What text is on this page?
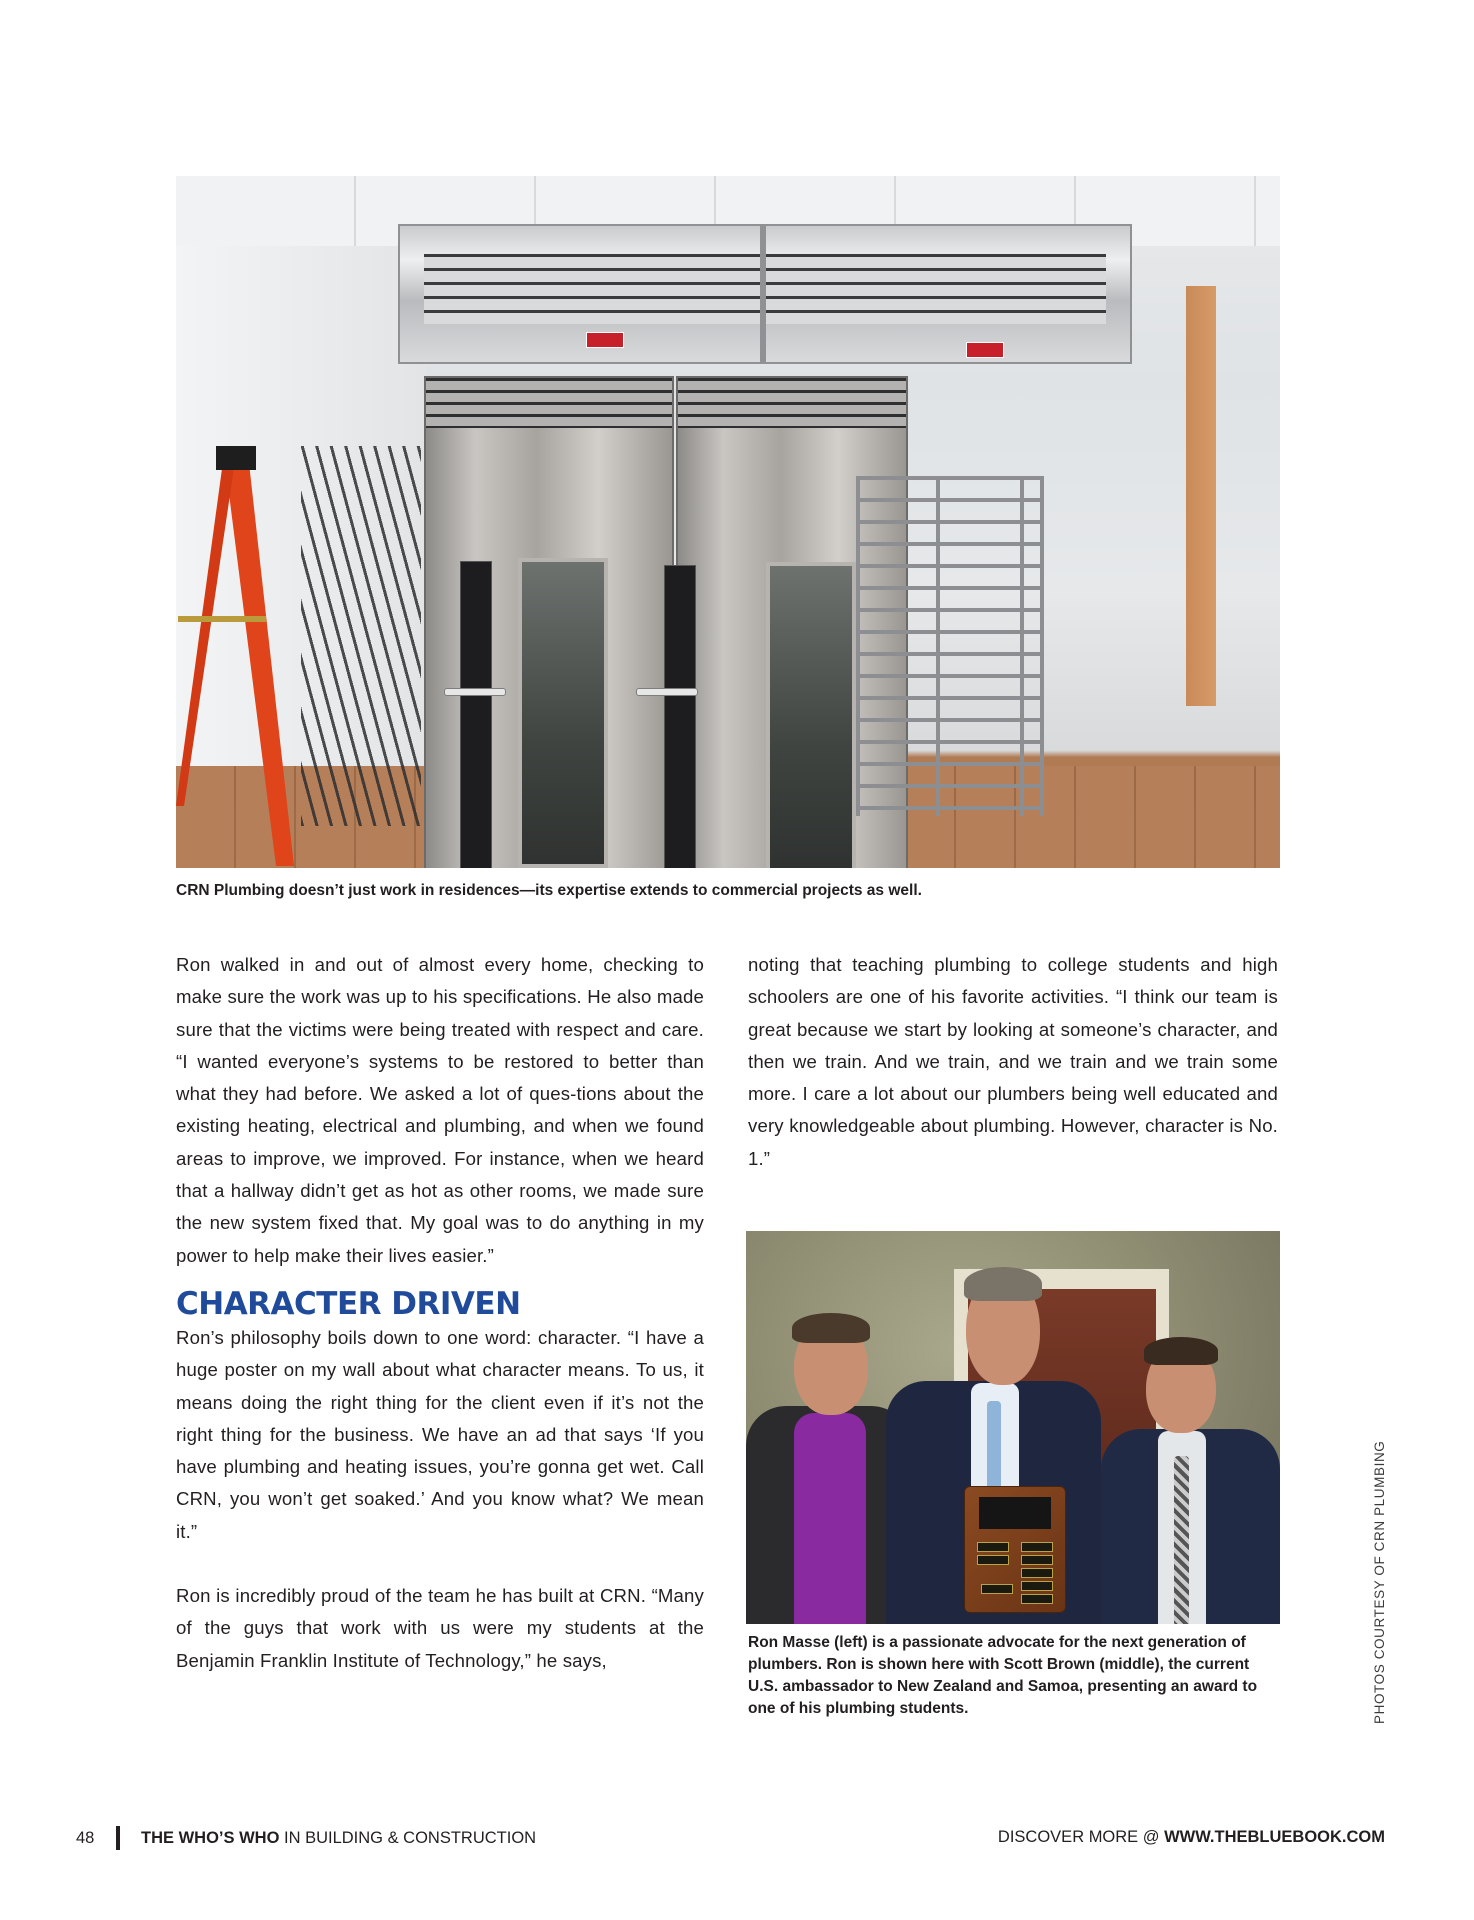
CRN Plumbing doesn’t just work in residences—its expertise extends to commercial projects as well.

Ron walked in and out of almost every home, checking to make sure the work was up to his specifications. He also made sure that the victims were being treated with respect and care. “I wanted everyone’s systems to be restored to better than what they had before. We asked a lot of ques-tions about the existing heating, electrical and plumbing, and when we found areas to improve, we improved. For instance, when we heard that a hallway didn’t get as hot as other rooms, we made sure the new system fixed that. My goal was to do anything in my power to help make their lives easier.”

CHARACTER DRIVEN

Ron’s philosophy boils down to one word: character. “I have a huge poster on my wall about what character means. To us, it means doing the right thing for the client even if it’s not the right thing for the business. We have an ad that says ‘If you have plumbing and heating issues, you’re gonna get wet. Call CRN, you won’t get soaked.’ And you know what? We mean it.”

Ron is incredibly proud of the team he has built at CRN. “Many of the guys that work with us were my students at the Benjamin Franklin Institute of Technology,” he says,

noting that teaching plumbing to college students and high schoolers are one of his favorite activities. “I think our team is great because we start by looking at someone’s character, and then we train. And we train, and we train and we train some more. I care a lot about our plumbers being well educated and very knowledgeable about plumbing. However, character is No. 1.”

Ron Masse (left) is a passionate advocate for the next generation of plumbers. Ron is shown here with Scott Brown (middle), the current U.S. ambassador to New Zealand and Samoa, presenting an award to one of his plumbing students.	PHOTOS COURTESY OF CRN PLUMBING
48	THE WHO’S WHO IN BUILDING & CONSTRUCTION	DISCOVER MORE @ WWW.THEBLUEBOOK.COM
